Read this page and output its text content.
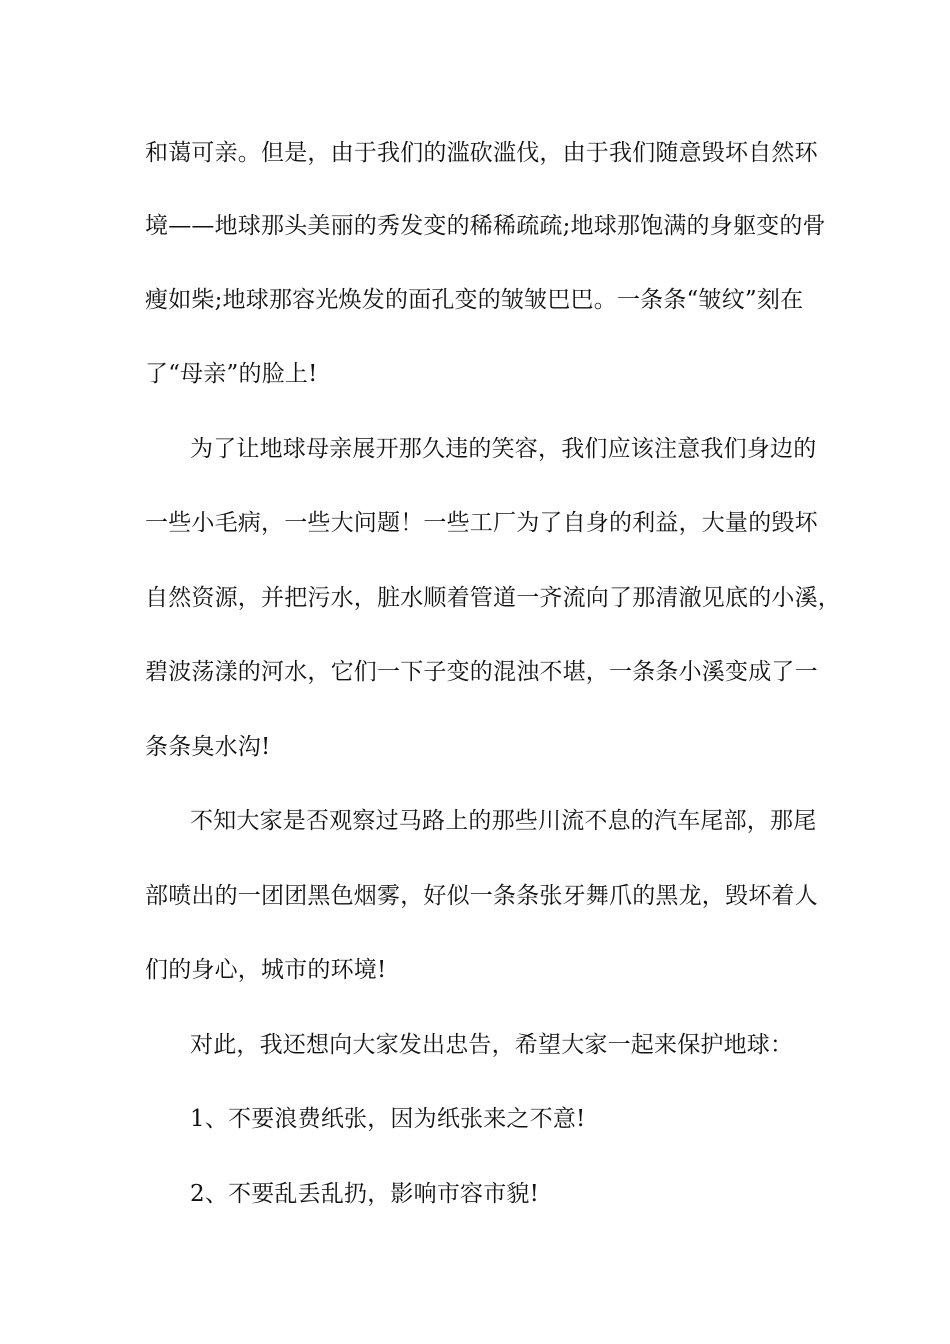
和蔼可亲。但是，由于我们的滥砍滥伐，由于我们随意毁坏自然环
境——地球那头美丽的秀发变的稀稀疏疏;地球那饱满的身躯变的骨
瘦如柴;地球那容光焕发的面孔变的皱皱巴巴。一条条“皱纹”刻在
了“母亲”的脸上!
为了让地球母亲展开那久违的笑容，我们应该注意我们身边的
一些小毛病，一些大问题！一些工厂为了自身的利益，大量的毁坏
自然资源，并把污水，脏水顺着管道一齐流向了那清澈见底的小溪，
碧波荡漾的河水，它们一下子变的混浊不堪，一条条小溪变成了一
条条臭水沟!
不知大家是否观察过马路上的那些川流不息的汽车尾部，那尾
部喷出的一团团黑色烟雾，好似一条条张牙舞爪的黑龙，毁坏着人
们的身心，城市的环境!
对此，我还想向大家发出忠告，希望大家一起来保护地球：
1、不要浪费纸张，因为纸张来之不意!
2、不要乱丢乱扔，影响市容市貌!
